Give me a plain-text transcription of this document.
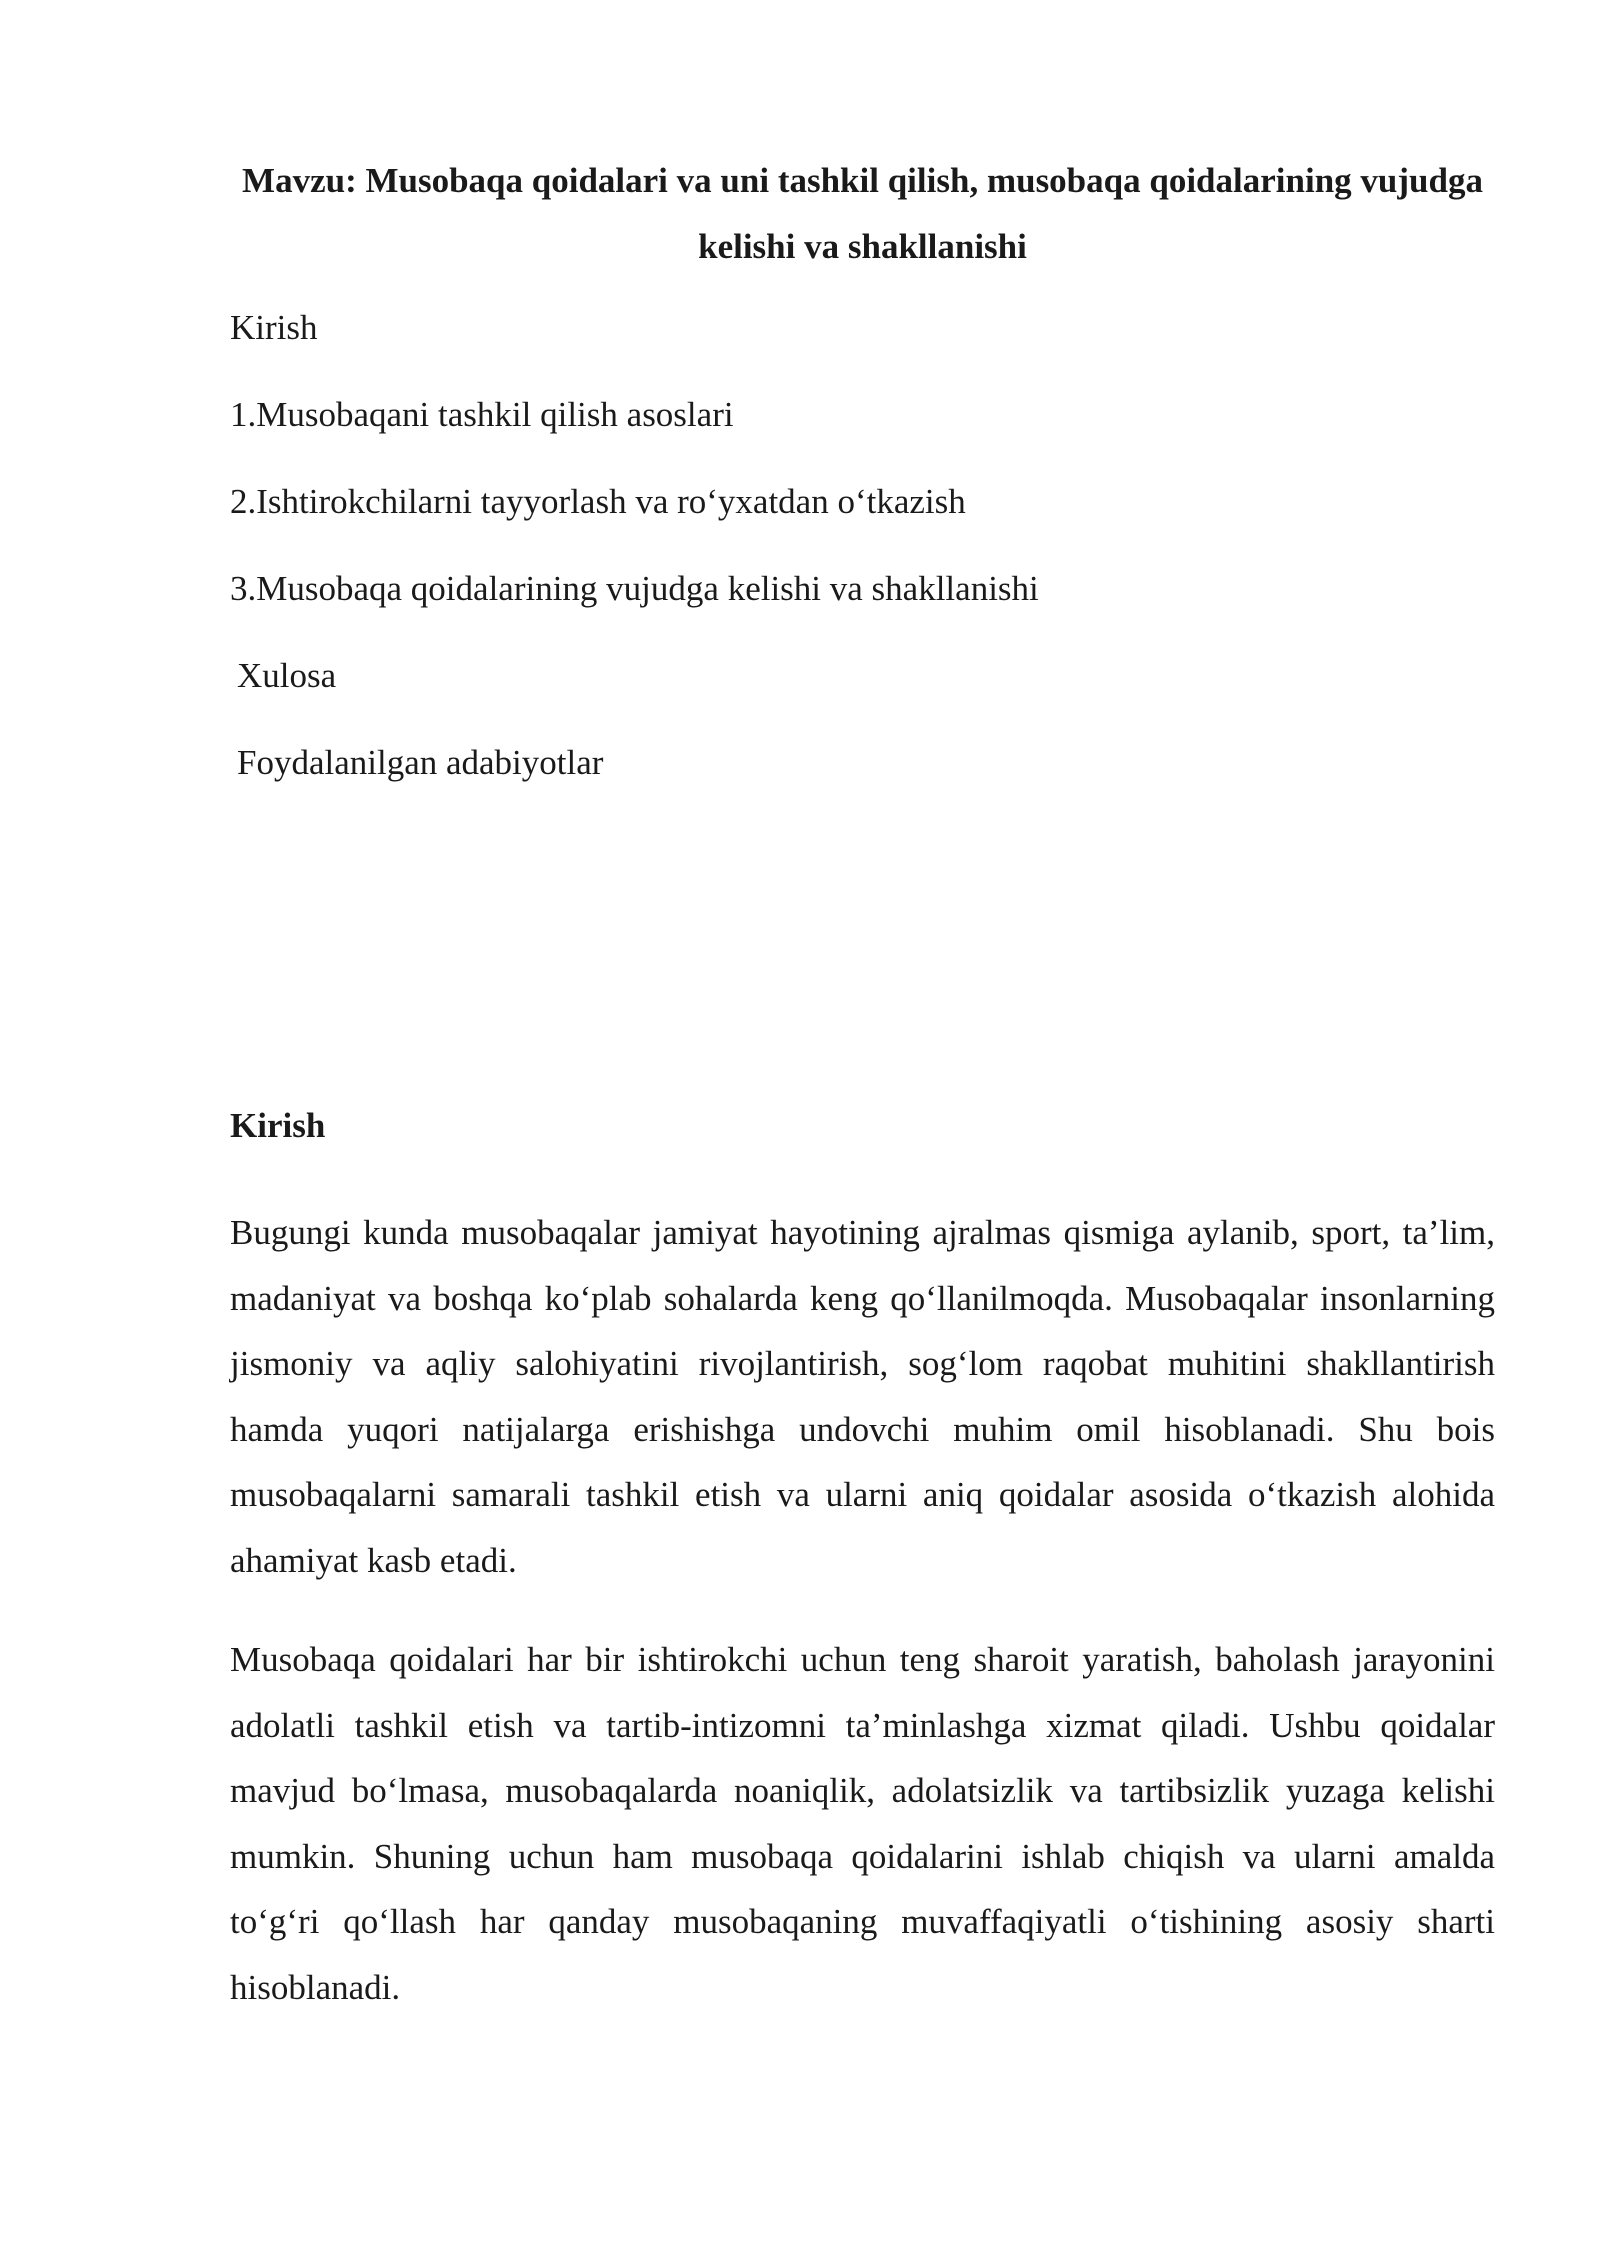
Mavzu: Musobaqa qoidalari va uni tashkil qilish, musobaqa qoidalarining vujudga kelishi va shakllanishi
Kirish
1.Musobaqani tashkil qilish asoslari
2.Ishtirokchilarni tayyorlash va ro‘yxatdan o‘tkazish
3.Musobaqa qoidalarining vujudga kelishi va shakllanishi
Xulosa
Foydalanilgan adabiyotlar
Kirish

Bugungi kunda musobaqalar jamiyat hayotining ajralmas qismiga aylanib, sport, ta’lim, madaniyat va boshqa ko‘plab sohalarda keng qo‘llanilmoqda. Musobaqalar insonlarning jismoniy va aqliy salohiyatini rivojlantirish, sog‘lom raqobat muhitini shakllantirish hamda yuqori natijalarga erishishga undovchi muhim omil hisoblanadi. Shu bois musobaqalarni samarali tashkil etish va ularni aniq qoidalar asosida o‘tkazish alohida ahamiyat kasb etadi.

Musobaqa qoidalari har bir ishtirokchi uchun teng sharoit yaratish, baholash jarayonini adolatli tashkil etish va tartib-intizomni ta’minlashga xizmat qiladi. Ushbu qoidalar mavjud bo‘lmasa, musobaqalarda noaniqlik, adolatsizlik va tartibsizlik yuzaga kelishi mumkin. Shuning uchun ham musobaqa qoidalarini ishlab chiqish va ularni amalda to‘g‘ri qo‘llash har qanday musobaqaning muvaffaqiyatli o‘tishining asosiy sharti hisoblanadi.
